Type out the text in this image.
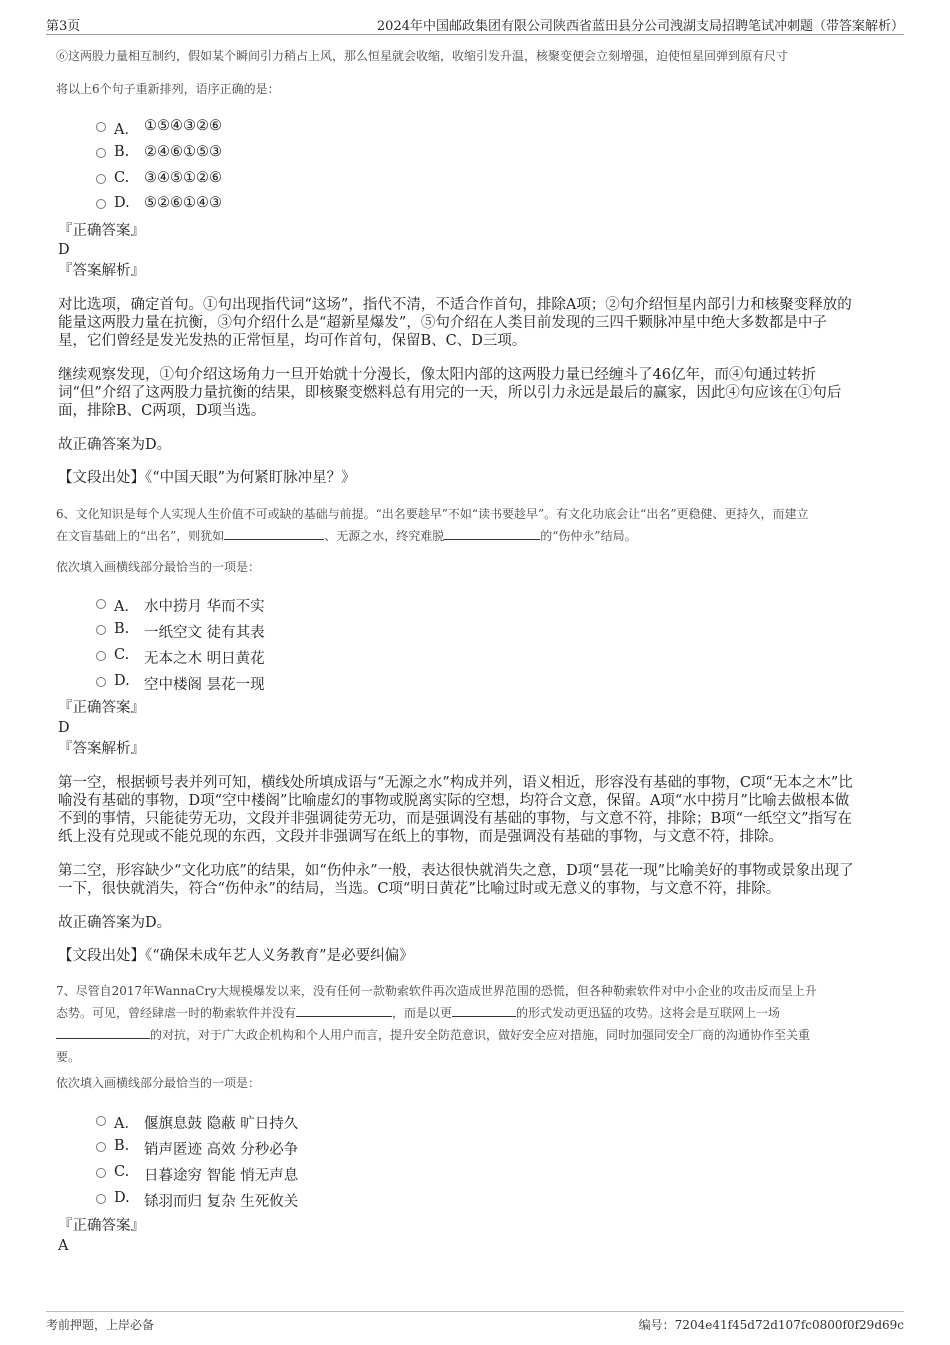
第3页	2024年中国邮政集团有限公司陕西省蓝田县分公司洩湖支局招聘笔试冲刺题（带答案解析）
⑥这两股力量相互制约，假如某个瞬间引力稍占上风，那么恒星就会收缩，收缩引发升温，核聚变便会立刻增强，迫使恒星回弹到原有尺寸
将以上6个句子重新排列，语序正确的是：
A． ①⑤④③②⑥
B. ②④⑥①⑤③
C. ③④⑤①②⑥
D. ⑤②⑥①④③
『正确答案』
D
『答案解析』
对比选项，确定首句。①句出现指代词“这场”，指代不清，不适合作首句，排除A项；②句介绍恒星内部引力和核聚变释放的
能量这两股力量在抗衡，③句介绍什么是“超新星爆发”，⑤句介绍在人类目前发现的三四千颗脉冲星中绝大多数都是中子
星，它们曾经是发光发热的正常恒星，均可作首句，保留B、C、D三项。
继续观察发现，①句介绍这场角力一旦开始就十分漫长，像太阳内部的这两股力量已经缠斗了46亿年，而④句通过转折
词“但”介绍了这两股力量抗衡的结果，即核聚变燃料总有用完的一天，所以引力永远是最后的赢家，因此④句应该在①句后
面，排除B、C两项，D项当选。
故正确答案为D。
【文段出处】《“中国天眼”为何紧盯脉冲星？》
6、文化知识是每个人实现人生价值不可或缺的基础与前提。“出名要趁早”不如“读书要趁早”。有文化功底会让“出名”更稳健、更持久，而建立
在文盲基础上的“出名”，则犹如	、无源之水，终究难脱	的“伤仲永”结局。
依次填入画横线部分最恰当的一项是：
A． 水中捞月 华而不实
B. 一纸空文 徒有其表
C. 无本之木 明日黄花
D. 空中楼阁 昙花一现
『正确答案』
D
『答案解析』
第一空，根据顿号表并列可知，横线处所填成语与“无源之水”构成并列，语义相近，形容没有基础的事物，C项“无本之木”比
喻没有基础的事物，D项“空中楼阁”比喻虚幻的事物或脱离实际的空想，均符合文意，保留。A项“水中捞月”比喻去做根本做
不到的事情，只能徒劳无功，文段并非强调徒劳无功，而是强调没有基础的事物，与文意不符，排除；B项“一纸空文”指写在
纸上没有兑现或不能兑现的东西，文段并非强调写在纸上的事物，而是强调没有基础的事物，与文意不符，排除。
第二空，形容缺少“文化功底”的结果，如“伤仲永”一般，表达很快就消失之意，D项“昙花一现”比喻美好的事物或景象出现了
一下，很快就消失，符合“伤仲永”的结局，当选。C项“明日黄花”比喻过时或无意义的事物，与文意不符，排除。
故正确答案为D。
【文段出处】《“确保未成年艺人义务教育”是必要纠偏》
7、尽管自2017年WannaCry大规模爆发以来，没有任何一款勒索软件再次造成世界范围的恐慌，但各种勒索软件对中小企业的攻击反而呈上升
态势。可见，曾经肆虐一时的勒索软件并没有	，而是以更	的形式发动更迅猛的攻势。这将会是互联网上一场
的对抗，对于广大政企机构和个人用户而言，提升安全防范意识，做好安全应对措施，同时加强同安全厂商的沟通协作至关重
要。
依次填入画横线部分最恰当的一项是：
A． 偃旗息鼓 隐蔽 旷日持久
B. 销声匿迹 高效 分秒必争
C. 日暮途穷 智能 悄无声息
D. 铩羽而归 复杂 生死攸关
『正确答案』
A
考前押题，上岸必备	编号：7204e41f45d72d107fc0800f0f29d69c
